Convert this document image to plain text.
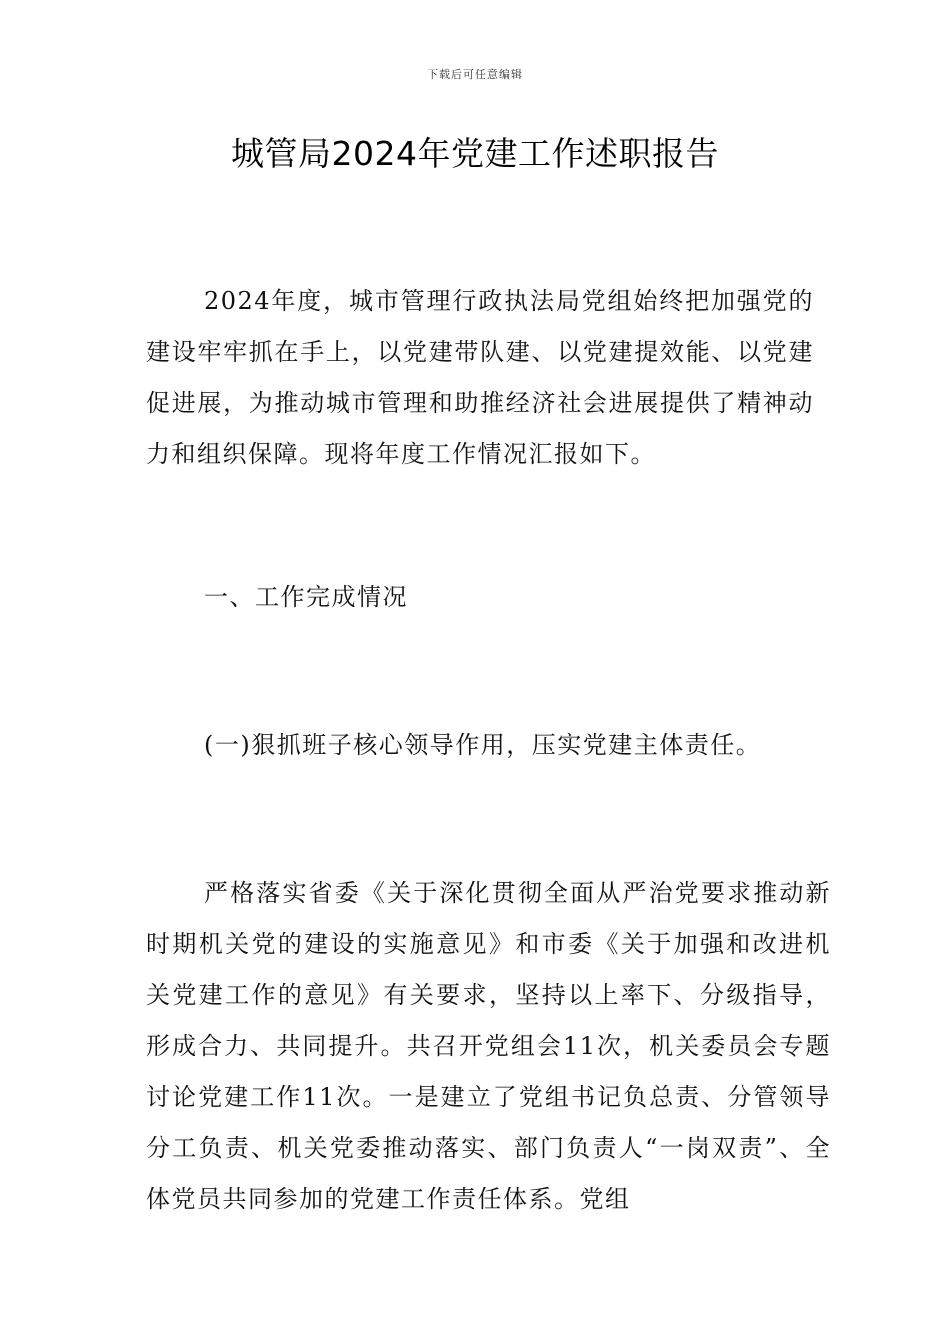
下载后可任意编辑
城管局2024年党建工作述职报告

2024年度，城市管理行政执法局党组始终把加强党的建设牢牢抓在手上，以党建带队建、以党建提效能、以党建促进展，为推动城市管理和助推经济社会进展提供了精神动力和组织保障。现将年度工作情况汇报如下。

一、工作完成情况

(一)狠抓班子核心领导作用，压实党建主体责任。

严格落实省委《关于深化贯彻全面从严治党要求推动新时期机关党的建设的实施意见》和市委《关于加强和改进机关党建工作的意见》有关要求，坚持以上率下、分级指导，形成合力、共同提升。共召开党组会11次，机关委员会专题讨论党建工作11次。一是建立了党组书记负总责、分管领导分工负责、机关党委推动落实、部门负责人“一岗双责”、全体党员共同参加的党建工作责任体系。党组
